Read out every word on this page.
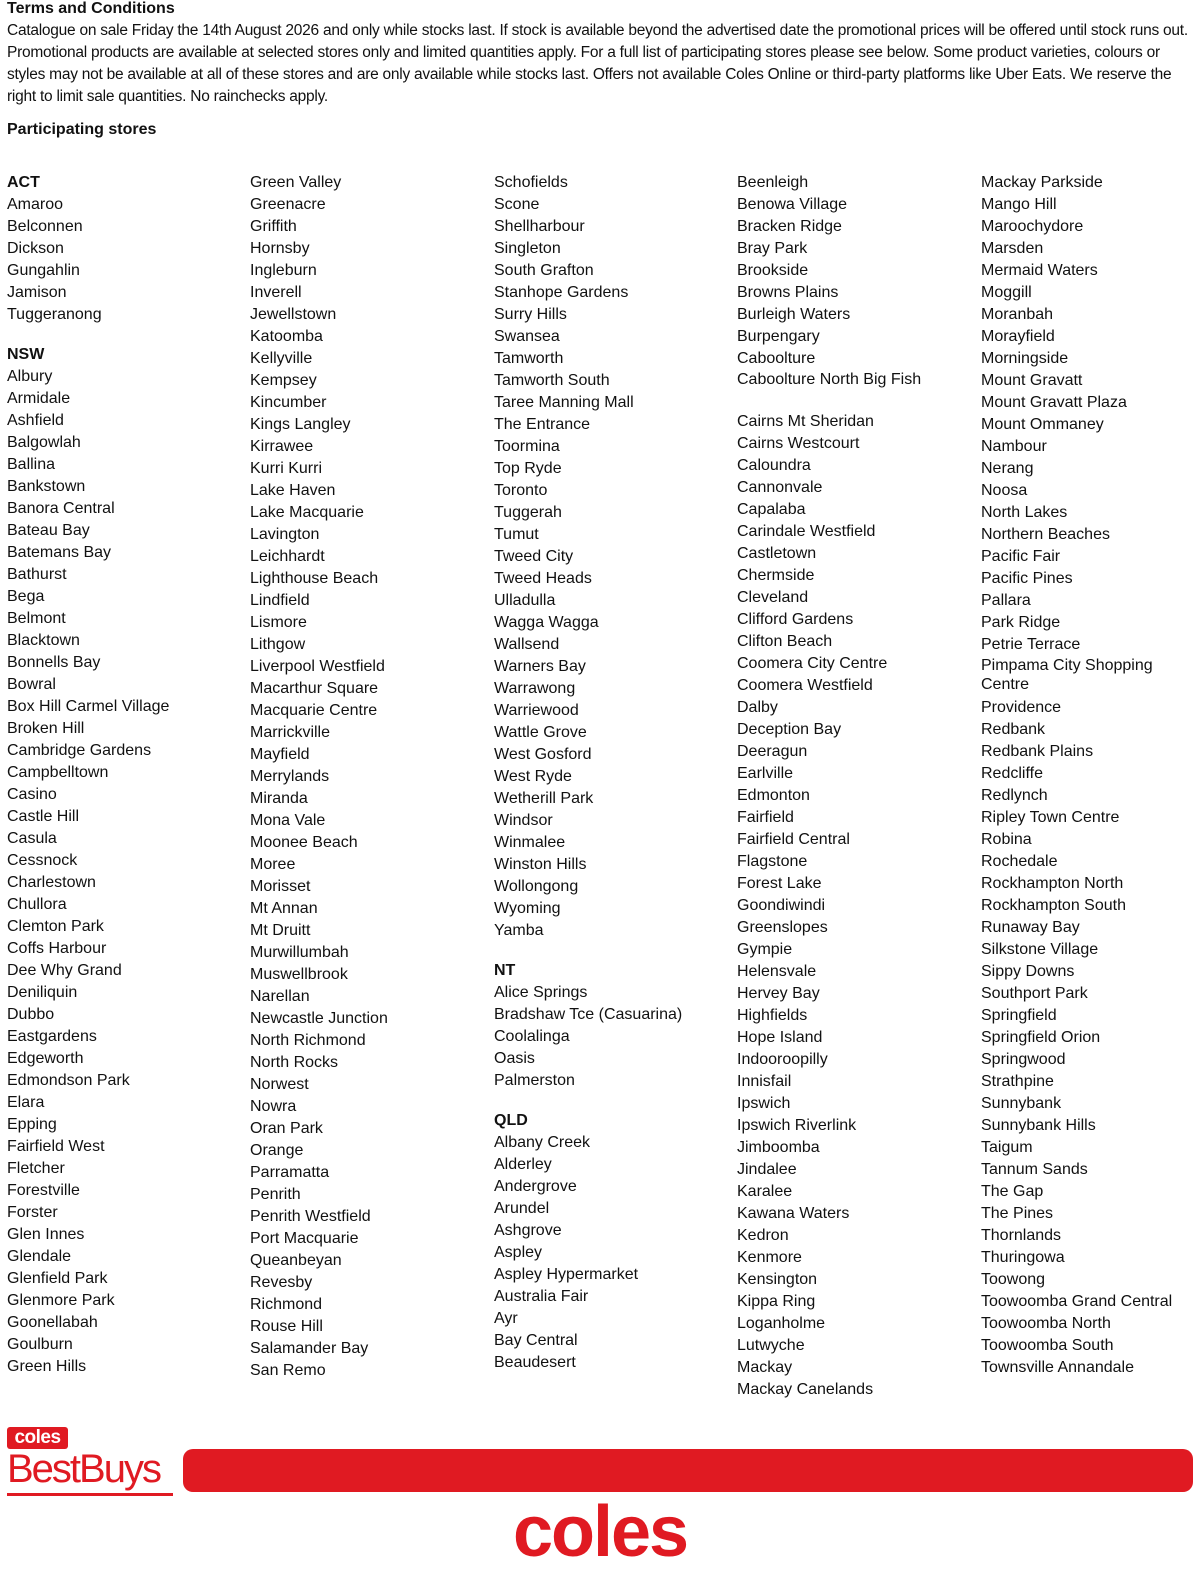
Terms and Conditions
Catalogue on sale Friday the 14th August 2026 and only while stocks last. If stock is available beyond the advertised date the promotional prices will be offered until stock runs out. Promotional products are available at selected stores only and limited quantities apply. For a full list of participating stores please see below. Some product varieties, colours or styles may not be available at all of these stores and are only available while stocks last. Offers not available Coles Online or third-party platforms like Uber Eats. We reserve the right to limit sale quantities. No rainchecks apply.
Participating stores
ACT
Amaroo
Belconnen
Dickson
Gungahlin
Jamison
Tuggeranong
NSW
Albury
Armidale
Ashfield
Balgowlah
Ballina
Bankstown
Banora Central
Bateau Bay
Batemans Bay
Bathurst
Bega
Belmont
Blacktown
Bonnells Bay
Bowral
Box Hill Carmel Village
Broken Hill
Cambridge Gardens
Campbelltown
Casino
Castle Hill
Casula
Cessnock
Charlestown
Chullora
Clemton Park
Coffs Harbour
Dee Why Grand
Deniliquin
Dubbo
Eastgardens
Edgeworth
Edmondson Park
Elara
Epping
Fairfield West
Fletcher
Forestville
Forster
Glen Innes
Glendale
Glenfield Park
Glenmore Park
Goonellabah
Goulburn
Green Hills
Green Valley
Greenacre
Griffith
Hornsby
Ingleburn
Inverell
Jewellstown
Katoomba
Kellyville
Kempsey
Kincumber
Kings Langley
Kirrawee
Kurri Kurri
Lake Haven
Lake Macquarie
Lavington
Leichhardt
Lighthouse Beach
Lindfield
Lismore
Lithgow
Liverpool Westfield
Macarthur Square
Macquarie Centre
Marrickville
Mayfield
Merrylands
Miranda
Mona Vale
Moonee Beach
Moree
Morisset
Mt Annan
Mt Druitt
Murwillumbah
Muswellbrook
Narellan
Newcastle Junction
North Richmond
North Rocks
Norwest
Nowra
Oran Park
Orange
Parramatta
Penrith
Penrith Westfield
Port Macquarie
Queanbeyan
Revesby
Richmond
Rouse Hill
Salamander Bay
San Remo
Schofields
Scone
Shellharbour
Singleton
South Grafton
Stanhope Gardens
Surry Hills
Swansea
Tamworth
Tamworth South
Taree Manning Mall
The Entrance
Toormina
Top Ryde
Toronto
Tuggerah
Tumut
Tweed City
Tweed Heads
Ulladulla
Wagga Wagga
Wallsend
Warners Bay
Warrawong
Warriewood
Wattle Grove
West Gosford
West Ryde
Wetherill Park
Windsor
Winmalee
Winston Hills
Wollongong
Wyoming
Yamba
NT
Alice Springs
Bradshaw Tce (Casuarina)
Coolalinga
Oasis
Palmerston
QLD
Albany Creek
Alderley
Andergrove
Arundel
Ashgrove
Aspley
Aspley Hypermarket
Australia Fair
Ayr
Bay Central
Beaudesert
Beenleigh
Benowa Village
Bracken Ridge
Bray Park
Brookside
Browns Plains
Burleigh Waters
Burpengary
Caboolture
Caboolture North Big Fish
Cairns Mt Sheridan
Cairns Westcourt
Caloundra
Cannonvale
Capalaba
Carindale Westfield
Castletown
Chermside
Cleveland
Clifford Gardens
Clifton Beach
Coomera City Centre
Coomera Westfield
Dalby
Deception Bay
Deeragun
Earlville
Edmonton
Fairfield
Fairfield Central
Flagstone
Forest Lake
Goondiwindi
Greenslopes
Gympie
Helensvale
Hervey Bay
Highfields
Hope Island
Indooroopilly
Innisfail
Ipswich
Ipswich Riverlink
Jimboomba
Jindalee
Karalee
Kawana Waters
Kedron
Kenmore
Kensington
Kippa Ring
Loganholme
Lutwyche
Mackay
Mackay Canelands
Mackay Parkside
Mango Hill
Maroochydore
Marsden
Mermaid Waters
Moggill
Moranbah
Morayfield
Morningside
Mount Gravatt
Mount Gravatt Plaza
Mount Ommaney
Nambour
Nerang
Noosa
North Lakes
Northern Beaches
Pacific Fair
Pacific Pines
Pallara
Park Ridge
Petrie Terrace
Pimpama City Shopping Centre
Providence
Redbank
Redbank Plains
Redcliffe
Redlynch
Ripley Town Centre
Robina
Rochedale
Rockhampton North
Rockhampton South
Runaway Bay
Silkstone Village
Sippy Downs
Southport Park
Springfield
Springfield Orion
Springwood
Strathpine
Sunnybank
Sunnybank Hills
Taigum
Tannum Sands
The Gap
The Pines
Thornlands
Thuringowa
Toowong
Toowoomba Grand Central
Toowoomba North
Toowoomba South
Townsville Annandale
coles
BestBuys
coles
